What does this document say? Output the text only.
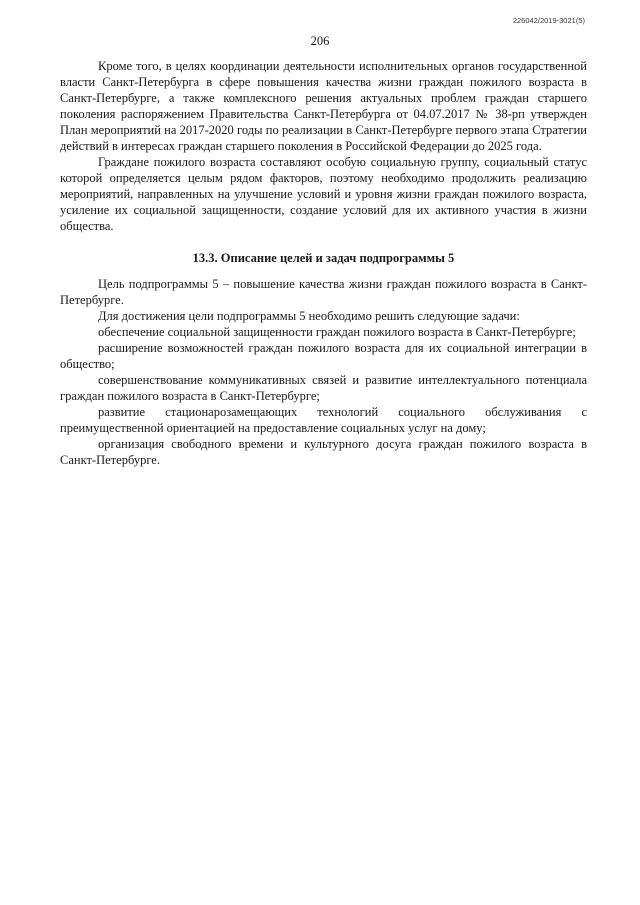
226042/2019-3021(5)
206

Кроме того, в целях координации деятельности исполнительных органов государственной власти Санкт-Петербурга в сфере повышения качества жизни граждан пожилого возраста в Санкт-Петербурге, а также комплексного решения актуальных проблем граждан старшего поколения распоряжением Правительства Санкт-Петербурга от 04.07.2017 № 38-рп утвержден План мероприятий на 2017-2020 годы по реализации в Санкт-Петербурге первого этапа Стратегии действий в интересах граждан старшего поколения в Российской Федерации до 2025 года.

Граждане пожилого возраста составляют особую социальную группу, социальный статус которой определяется целым рядом факторов, поэтому необходимо продолжить реализацию мероприятий, направленных на улучшение условий и уровня жизни граждан пожилого возраста, усиление их социальной защищенности, создание условий для их активного участия в жизни общества.

13.3. Описание целей и задач подпрограммы 5

Цель подпрограммы 5 – повышение качества жизни граждан пожилого возраста в Санкт-Петербурге.

Для достижения цели подпрограммы 5 необходимо решить следующие задачи:

обеспечение социальной защищенности граждан пожилого возраста в Санкт-Петербурге;

расширение возможностей граждан пожилого возраста для их социальной интеграции в общество;

совершенствование коммуникативных связей и развитие интеллектуального потенциала граждан пожилого возраста в Санкт-Петербурге;

развитие стационарозамещающих технологий социального обслуживания с преимущественной ориентацией на предоставление социальных услуг на дому;

организация свободного времени и культурного досуга граждан пожилого возраста в Санкт-Петербурге.
